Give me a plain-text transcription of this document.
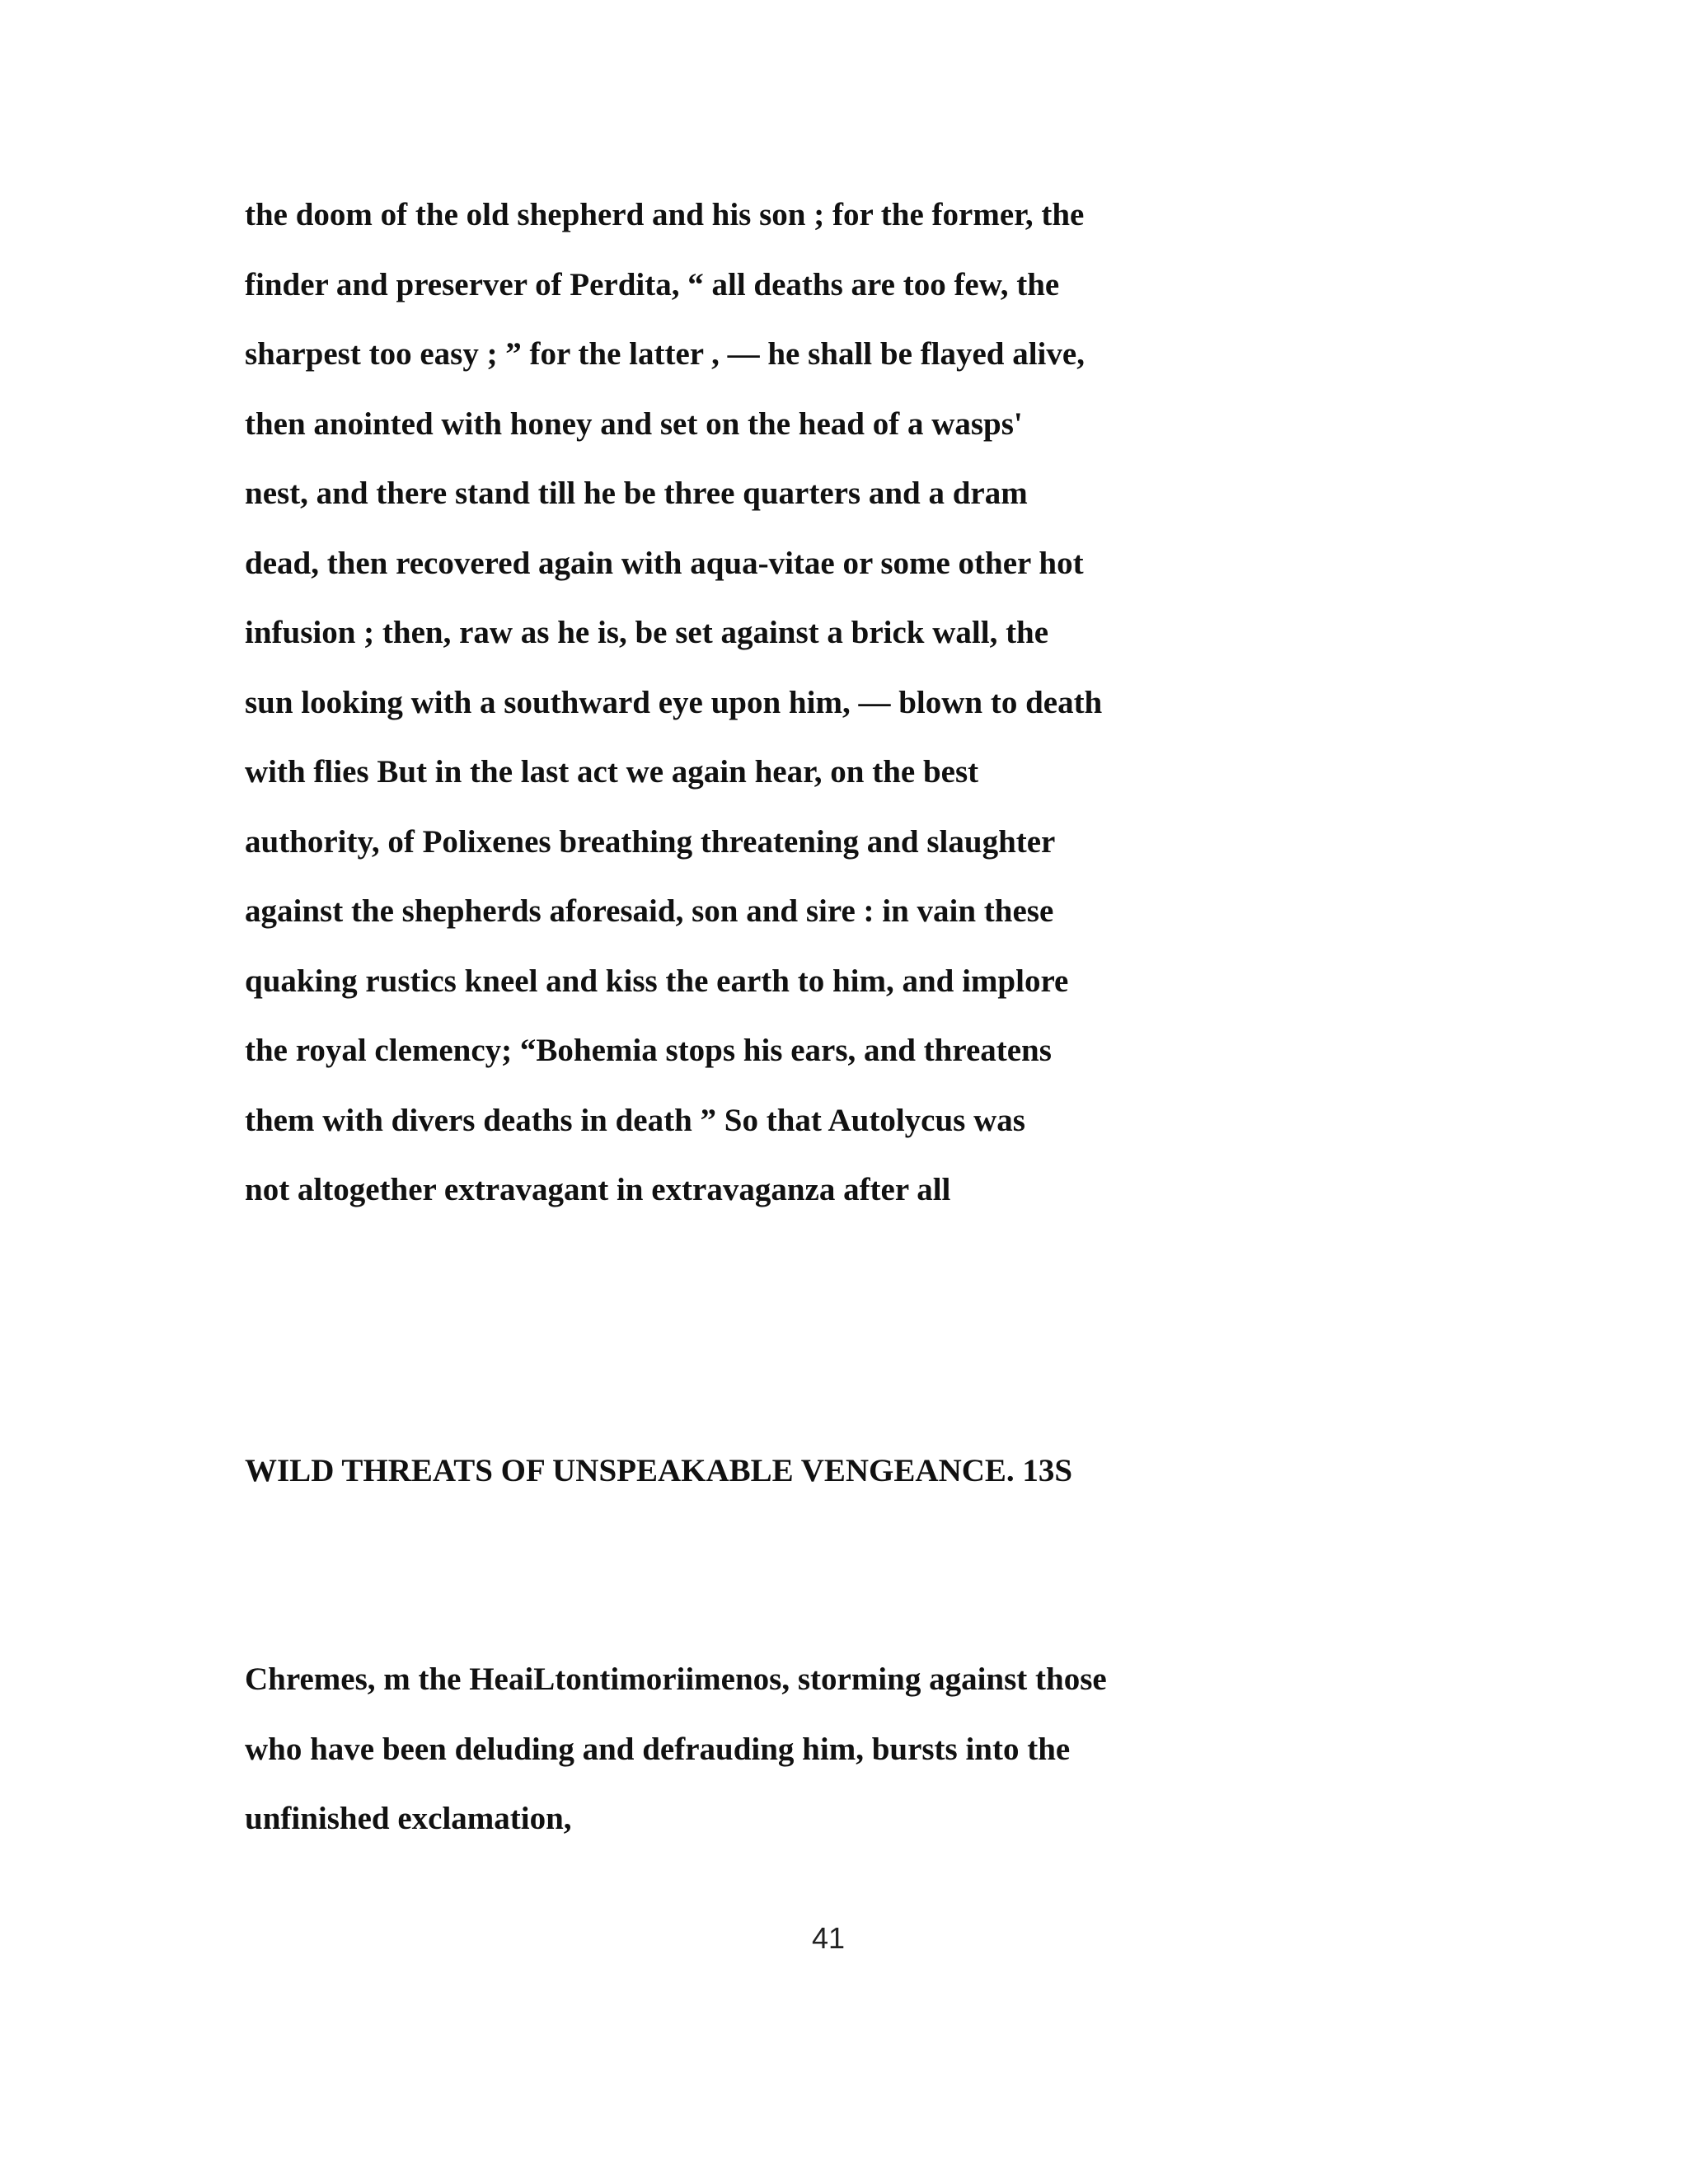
the doom of the old shepherd and his son ; for the former, the

finder and preserver of Perdita, “ all deaths are too few, the

sharpest too easy ; ” for the latter , — he shall be flayed alive,

then anointed with honey and set on the head of a wasps'

nest, and there stand till he be three quarters and a dram

dead, then recovered again with aqua-vitae or some other hot

infusion ; then, raw as he is, be set against a brick wall, the

sun looking with a southward eye upon him, — blown to death

with flies But in the last act we again hear, on the best

authority, of Polixenes breathing threatening and slaughter

against the shepherds aforesaid, son and sire : in vain these

quaking rustics kneel and kiss the earth to him, and implore

the royal clemency; “Bohemia stops his ears, and threatens

them with divers deaths in death ” So that Autolycus was

not altogether extravagant in extravaganza after all

WILD THREATS OF UNSPEAKABLE VENGEANCE. 13S

Chremes, m the HeaiLtontimoriimenos, storming against those

who have been deluding and defrauding him, bursts into the

unfinished exclamation,

41
